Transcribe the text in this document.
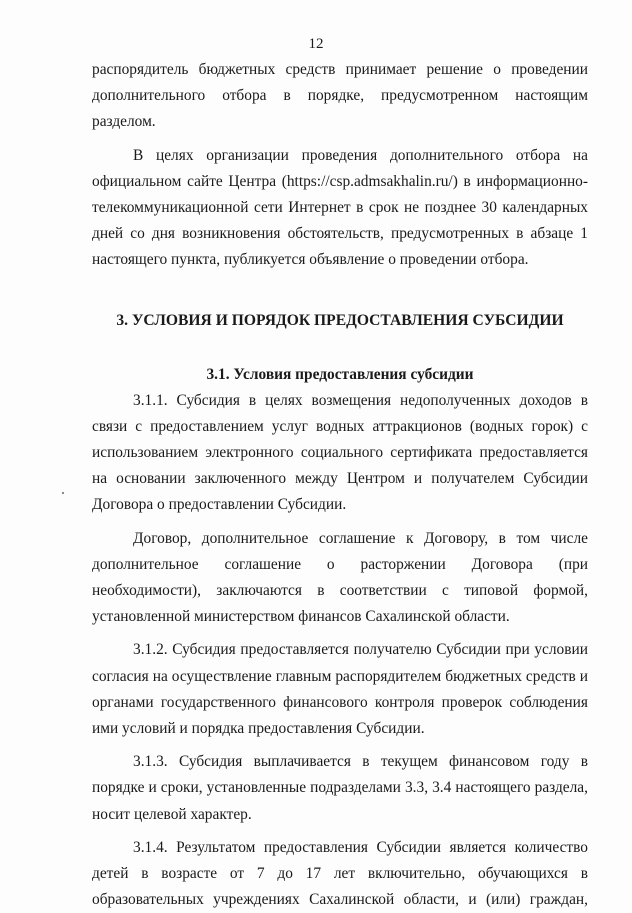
12

распорядитель бюджетных средств принимает решение о проведении дополнительного отбора в порядке, предусмотренном настоящим разделом.

В целях организации проведения дополнительного отбора на официальном сайте Центра (https://csp.admsakhalin.ru/) в информационно-телекоммуникационной сети Интернет в срок не позднее 30 календарных дней со дня возникновения обстоятельств, предусмотренных в абзаце 1 настоящего пункта, публикуется объявление о проведении отбора.

3. УСЛОВИЯ И ПОРЯДОК ПРЕДОСТАВЛЕНИЯ СУБСИДИИ
3.1. Условия предоставления субсидии

3.1.1. Субсидия в целях возмещения недополученных доходов в связи с предоставлением услуг водных аттракционов (водных горок) с использованием электронного социального сертификата предоставляется на основании заключенного между Центром и получателем Субсидии Договора о предоставлении Субсидии.

Договор, дополнительное соглашение к Договору, в том числе дополнительное соглашение о расторжении Договора (при необходимости), заключаются в соответствии с типовой формой, установленной министерством финансов Сахалинской области.

3.1.2. Субсидия предоставляется получателю Субсидии при условии согласия на осуществление главным распорядителем бюджетных средств и органами государственного финансового контроля проверок соблюдения ими условий и порядка предоставления Субсидии.

3.1.3. Субсидия выплачивается в текущем финансовом году в порядке и сроки, установленные подразделами 3.3, 3.4 настоящего раздела, носит целевой характер.

3.1.4. Результатом предоставления Субсидии является количество детей в возрасте от 7 до 17 лет включительно, обучающихся в образовательных учреждениях Сахалинской области, и (или) граждан,
